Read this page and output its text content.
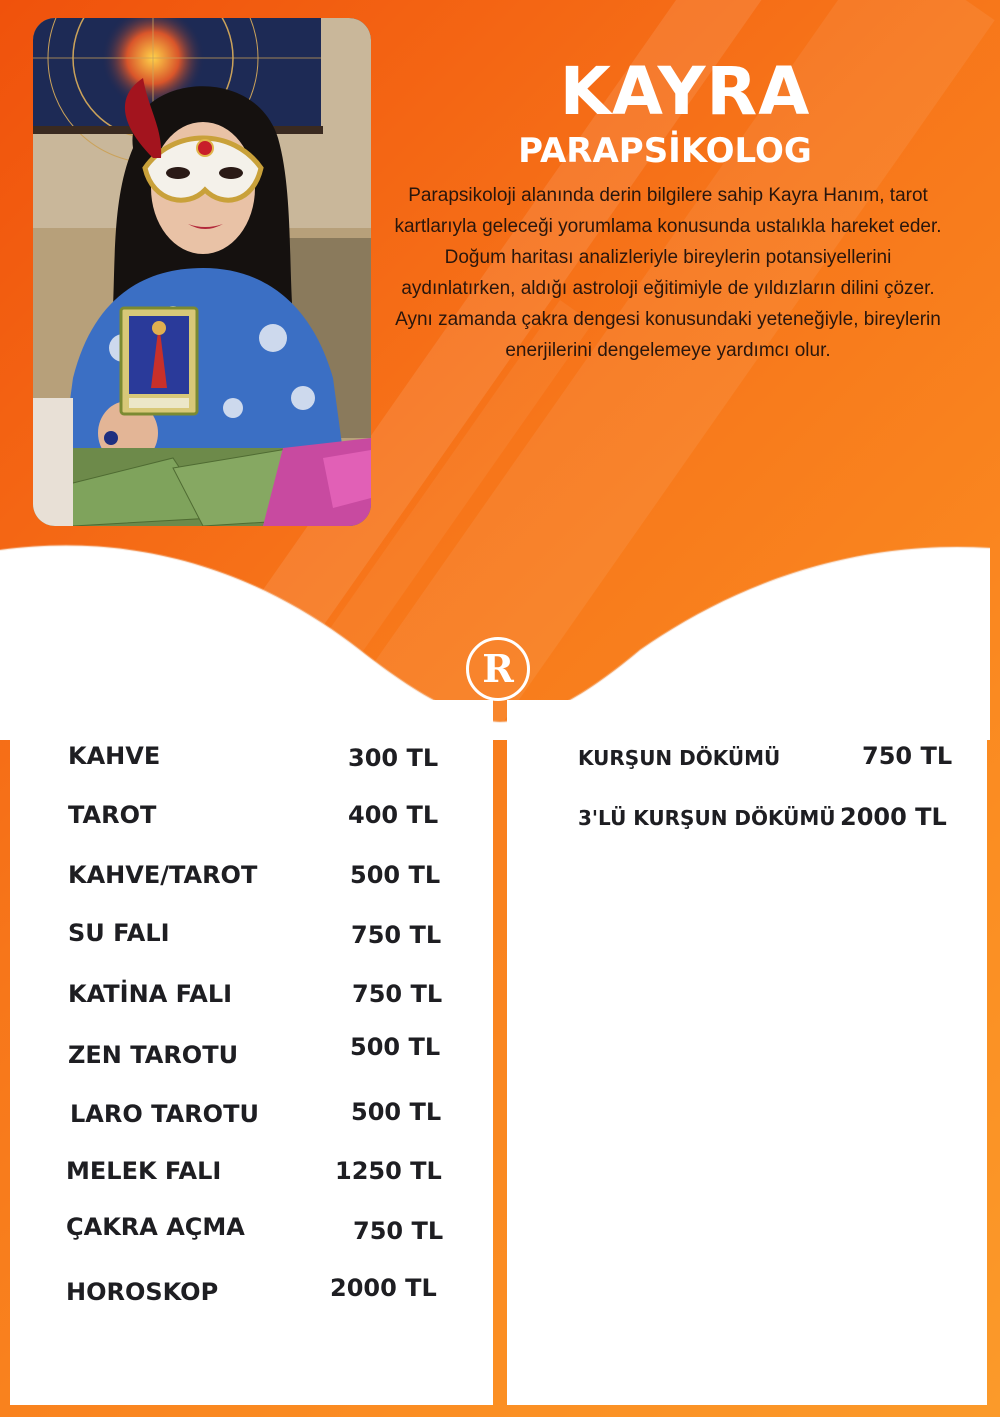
KAYRA
PARAPSİKOLOG
Parapsikoloji alanında derin bilgilere sahip Kayra Hanım, tarot kartlarıyla geleceği yorumlama konusunda ustalıkla hareket eder. Doğum haritası analizleriyle bireylerin potansiyellerini aydınlatırken, aldığı astroloji eğitimiyle de yıldızların dilini çözer. Aynı zamanda çakra dengesi konusundaki yeteneğiyle, bireylerin enerjilerini dengelemeye yardımcı olur.
R
KAHVE	300 TL
TAROT	400 TL
KAHVE/TAROT	500 TL
SU FALI	750 TL
KATİNA FALI	750 TL
ZEN TAROTU	500 TL
LARO TAROTU	500 TL
MELEK FALI	1250 TL
ÇAKRA AÇMA	750 TL
HOROSKOP	2000 TL
KURŞUN DÖKÜMÜ	750 TL
3'LÜ KURŞUN DÖKÜMÜ 2000 TL
